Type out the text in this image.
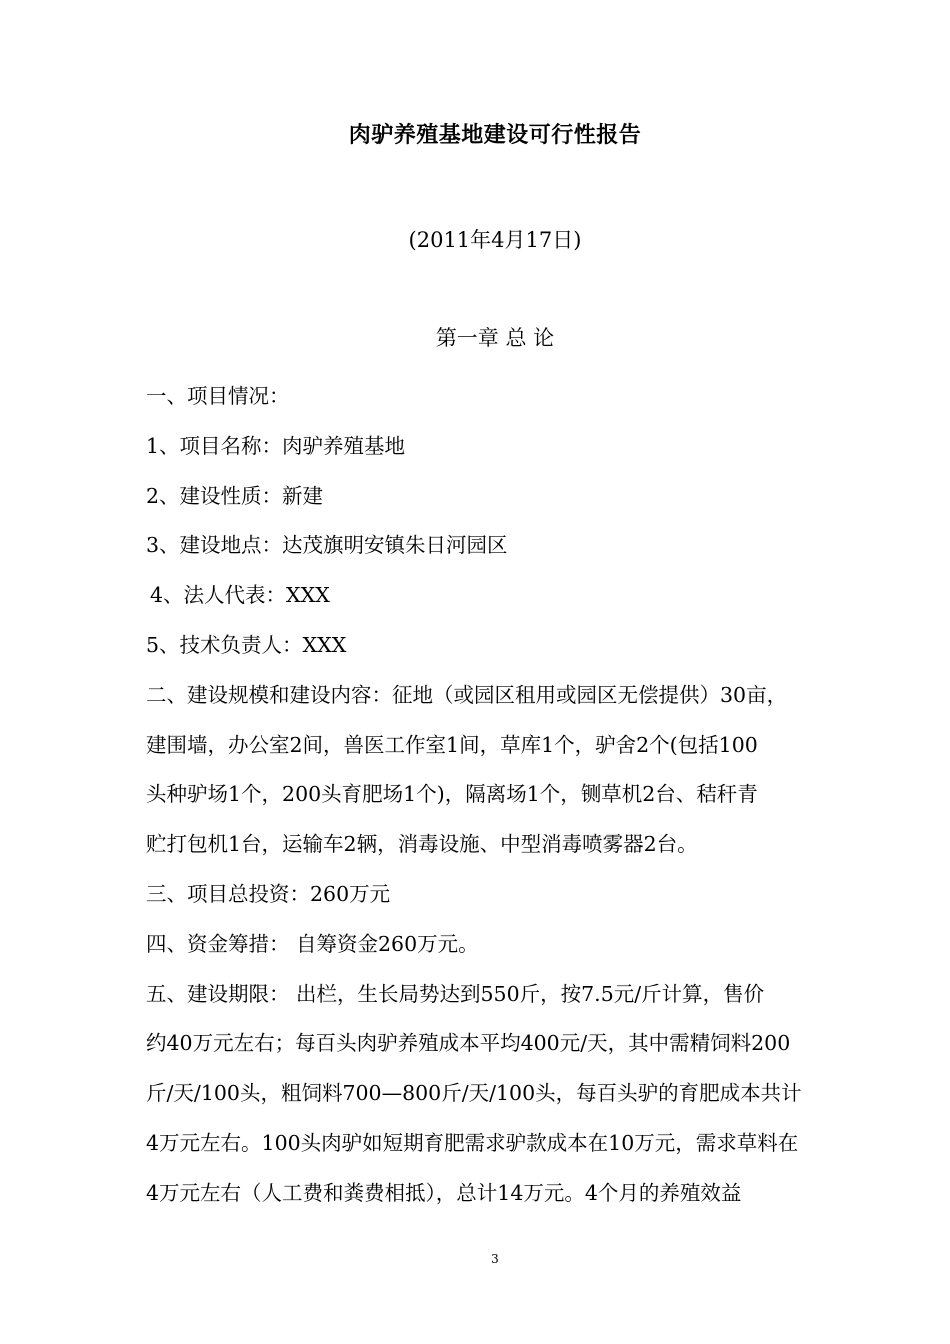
肉驴养殖基地建设可行性报告
(2011年4月17日)
第一章 总 论
一、项目情况：
1、项目名称：肉驴养殖基地
2、建设性质：新建
3、建设地点：达茂旗明安镇朱日河园区
4、法人代表：XXX
5、技术负责人：XXX
二、建设规模和建设内容：征地（或园区租用或园区无偿提供）30亩，
建围墙，办公室2间，兽医工作室1间，草库1个，驴舍2个(包括100
头种驴场1个，200头育肥场1个)，隔离场1个，铡草机2台、秸秆青
贮打包机1台，运输车2辆，消毒设施、中型消毒喷雾器2台。
三、项目总投资：260万元
四、资金筹措： 自筹资金260万元。
五、建设期限： 出栏，生长局势达到550斤，按7.5元/斤计算，售价
约40万元左右；每百头肉驴养殖成本平均400元/天，其中需精饲料200
斤/天/100头，粗饲料700—800斤/天/100头，每百头驴的育肥成本共计
4万元左右。100头肉驴如短期育肥需求驴款成本在10万元，需求草料在
4万元左右（人工费和粪费相抵），总计14万元。4个月的养殖效益
3
